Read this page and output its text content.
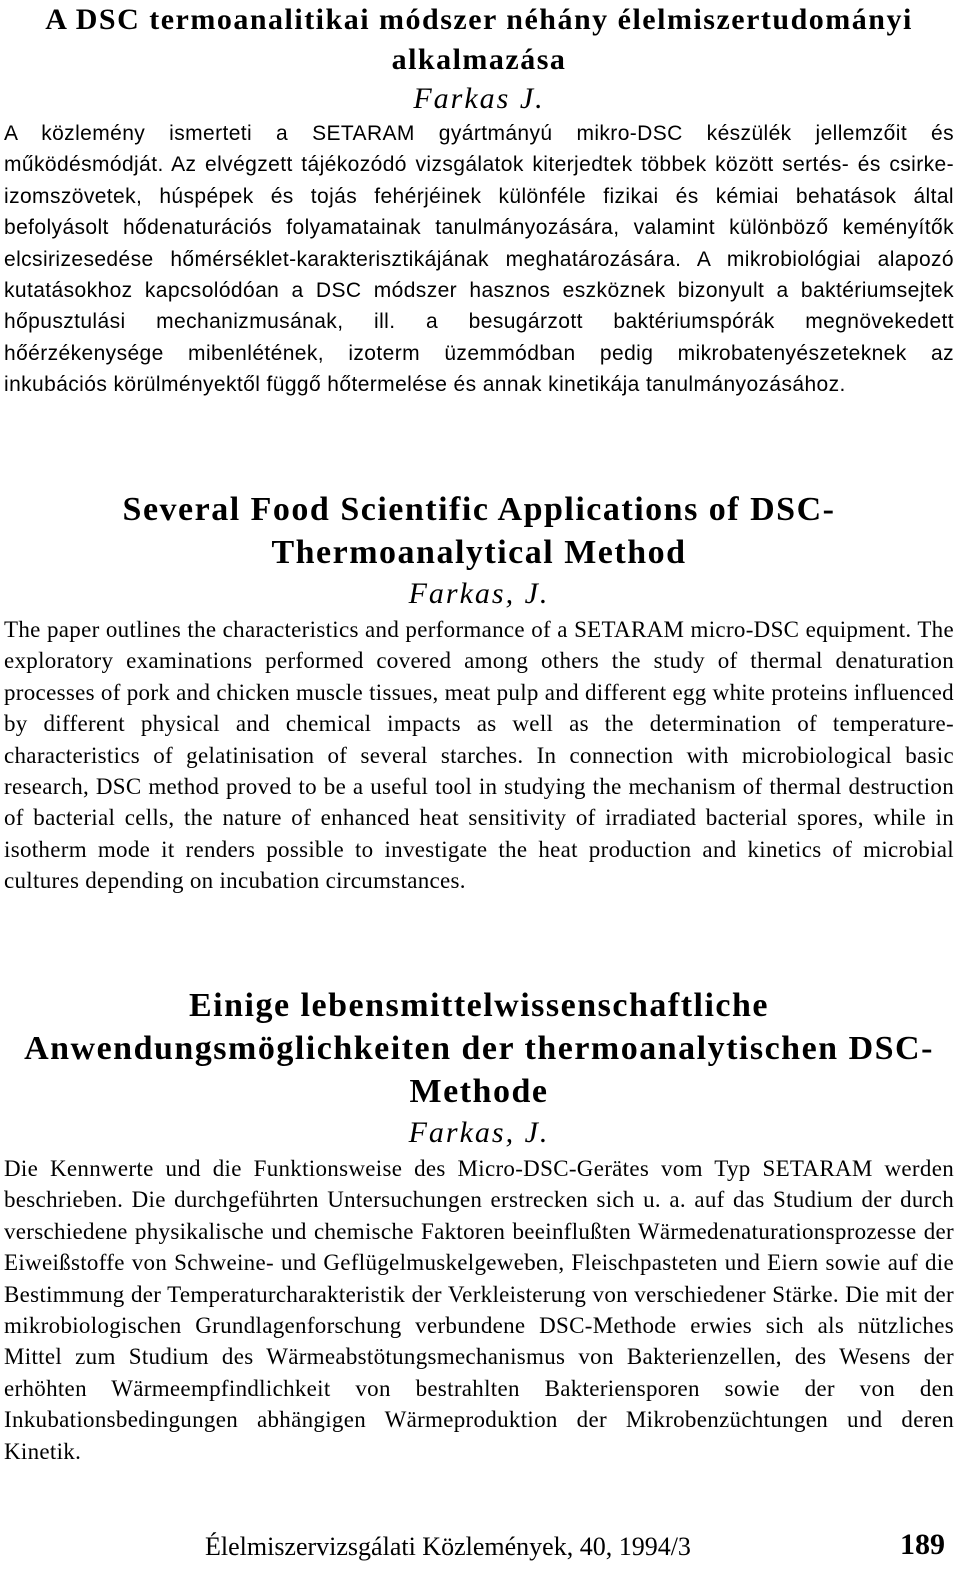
A DSC termoanalitikai módszer néhány élelmiszertudományi alkalmazása

Farkas J.

A közlemény ismerteti a SETARAM gyártmányú mikro-DSC készülék jellemzőit és működésmódját. Az elvégzett tájékozódó vizsgálatok kiterjedtek többek között sertés- és csirke-izomszövetek, húspépek és tojás fehérjéinek különféle fizikai és kémiai behatások által befolyásolt hődenaturációs folyamatainak tanulmányozására, valamint különböző keményítők elcsirizesedése hőmérséklet-karakterisztikájának meghatározására. A mikrobiológiai alapozó kutatásokhoz kapcsolódóan a DSC módszer hasznos eszköznek bizonyult a baktériumsejtek hőpusztulási mechanizmusának, ill. a besugárzott baktériumspórák megnövekedett hőérzékenysége mibenlétének, izoterm üzemmódban pedig mikrobatenyészeteknek az inkubációs körülményektől függő hőtermelése és annak kinetikája tanulmányozásához.

Several Food Scientific Applications of DSC-Thermoanalytical Method

Farkas, J.

The paper outlines the characteristics and performance of a SETARAM micro-DSC equipment. The exploratory examinations performed covered among others the study of thermal denaturation processes of pork and chicken muscle tissues, meat pulp and different egg white proteins influenced by different physical and chemical impacts as well as the determination of temperature-characteristics of gelatinisation of several starches. In connection with microbiological basic research, DSC method proved to be a useful tool in studying the mechanism of thermal destruction of bacterial cells, the nature of enhanced heat sensitivity of irradiated bacterial spores, while in isotherm mode it renders possible to investigate the heat production and kinetics of microbial cultures depending on incubation circumstances.

Einige lebensmittelwissenschaftliche Anwendungsmöglichkeiten der thermoanalytischen DSC-Methode

Farkas, J.

Die Kennwerte und die Funktionsweise des Micro-DSC-Gerätes vom Typ SETARAM werden beschrieben. Die durchgeführten Untersuchungen erstrecken sich u. a. auf das Studium der durch verschiedene physikalische und chemische Faktoren beeinflußten Wärmedenaturationsprozesse der Eiweißstoffe von Schweine- und Geflügelmuskelgeweben, Fleischpasteten und Eiern sowie auf die Bestimmung der Temperaturcharakteristik der Verkleisterung von verschiedener Stärke. Die mit der mikrobiologischen Grundlagenforschung verbundene DSC-Methode erwies sich als nützliches Mittel zum Studium des Wärmeabstötungsmechanismus von Bakterienzellen, des Wesens der erhöhten Wärmeempfindlichkeit von bestrahlten Bakteriensporen sowie der von den Inkubationsbedingungen abhängigen Wärmeproduktion der Mikrobenzüchtungen und deren Kinetik.

Élelmiszervizsgálati Közlemények, 40, 1994/3	189
